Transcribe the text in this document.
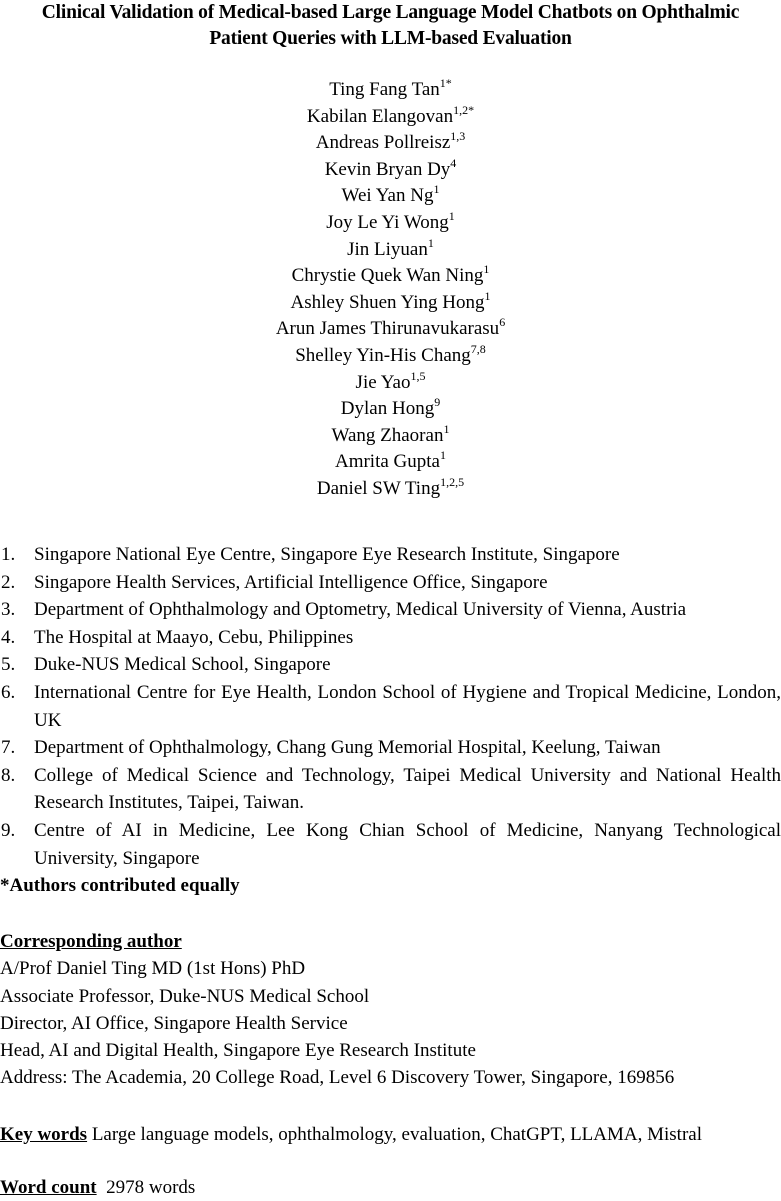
Clinical Validation of Medical-based Large Language Model Chatbots on Ophthalmic
Patient Queries with LLM-based Evaluation
Ting Fang Tan$^{1*}$
Kabilan Elangovan$^{1,2*}$
Andreas Pollreisz$^{1,3}$
Kevin Bryan Dy$^4$
Wei Yan Ng$^1$
Joy Le Yi Wong$^1$
Jin Liyuan$^1$
Chrystie Quek Wan Ning$^1$
Ashley Shuen Ying Hong$^1$
Arun James Thirunavukarasu$^6$
Shelley Yin-His Chang$^{7,8}$
Jie Yao$^{1,5}$
Dylan Hong$^9$
Wang Zhaoran$^1$
Amrita Gupta$^1$
Daniel SW Ting$^{1,2,5}$
1. Singapore National Eye Centre, Singapore Eye Research Institute, Singapore
2. Singapore Health Services, Artificial Intelligence Office, Singapore
3. Department of Ophthalmology and Optometry, Medical University of Vienna, Austria
4. The Hospital at Maayo, Cebu, Philippines
5. Duke-NUS Medical School, Singapore
6. International Centre for Eye Health, London School of Hygiene and Tropical Medicine, London, UK
7. Department of Ophthalmology, Chang Gung Memorial Hospital, Keelung, Taiwan
8. College of Medical Science and Technology, Taipei Medical University and National Health Research Institutes, Taipei, Taiwan.
9. Centre of AI in Medicine, Lee Kong Chian School of Medicine, Nanyang Technological University, Singapore
*Authors contributed equally
Corresponding author
A/Prof Daniel Ting MD (1st Hons) PhD
Associate Professor, Duke-NUS Medical School
Director, AI Office, Singapore Health Service
Head, AI and Digital Health, Singapore Eye Research Institute
Address: The Academia, 20 College Road, Level 6 Discovery Tower, Singapore, 169856
Key words Large language models, ophthalmology, evaluation, ChatGPT, LLAMA, Mistral
Word count 2978 words
